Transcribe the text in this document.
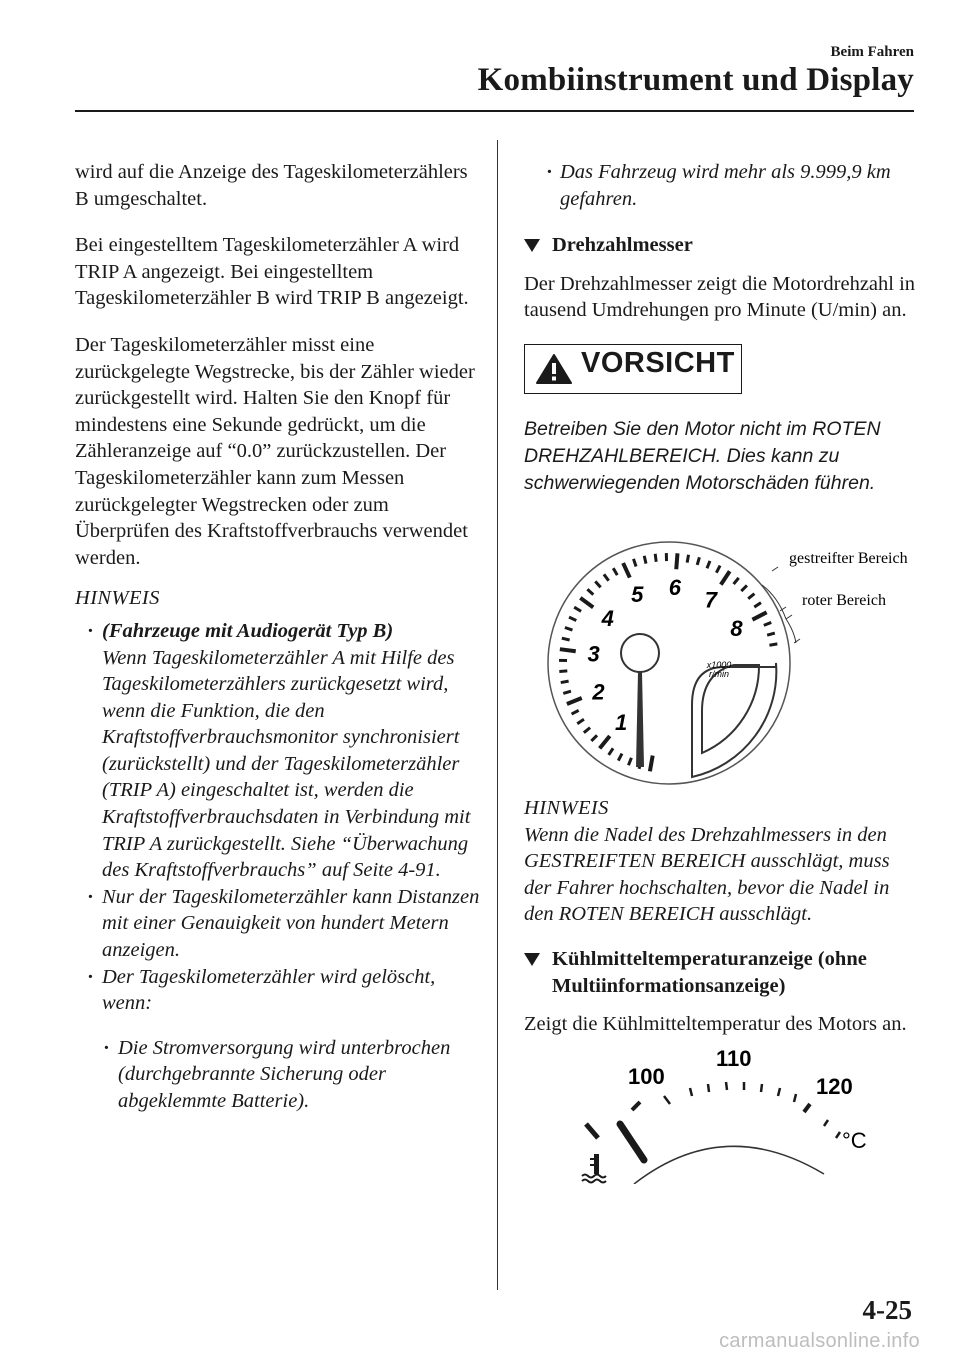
Beim Fahren
Kombiinstrument und Display

wird auf die Anzeige des Tageskilometerzählers B umgeschaltet.

Bei eingestelltem Tageskilometerzähler A wird TRIP A angezeigt. Bei eingestelltem Tageskilometerzähler B wird TRIP B angezeigt.

Der Tageskilometerzähler misst eine zurückgelegte Wegstrecke, bis der Zähler wieder zurückgestellt wird. Halten Sie den Knopf für mindestens eine Sekunde gedrückt, um die Zähleranzeige auf “0.0” zurückzustellen. Der Tageskilometerzähler kann zum Messen zurückgelegter Wegstrecken oder zum Überprüfen des Kraftstoffverbrauchs verwendet werden.

HINWEIS

· (Fahrzeuge mit Audiogerät Typ B)
Wenn Tageskilometerzähler A mit Hilfe des Tageskilometerzählers zurückgesetzt wird, wenn die Funktion, die den Kraftstoffverbrauchsmonitor synchronisiert (zurückstellt) und der Tageskilometerzähler (TRIP A) eingeschaltet ist, werden die Kraftstoffverbrauchsdaten in Verbindung mit TRIP A zurückgestellt. Siehe “Überwachung des Kraftstoffverbrauchs” auf Seite 4-91.
· Nur der Tageskilometerzähler kann Distanzen mit einer Genauigkeit von hundert Metern anzeigen.
· Der Tageskilometerzähler wird gelöscht, wenn:
· Die Stromversorgung wird unterbrochen (durchgebrannte Sicherung oder abgeklemmte Batterie).
· Das Fahrzeug wird mehr als 9.999,9 km gefahren.
Drehzahlmesser

Der Drehzahlmesser zeigt die Motordrehzahl in tausend Umdrehungen pro Minute (U/min) an.

VORSICHT

Betreiben Sie den Motor nicht im ROTEN DREHZAHLBEREICH. Dies kann zu schwerwiegenden Motorschäden führen.

1
2
3
4
5 6 7
8
x1000
r/min
gestreifter Bereich
roter Bereich

HINWEIS

Wenn die Nadel des Drehzahlmessers in den GESTREIFTEN BEREICH ausschlägt, muss der Fahrer hochschalten, bevor die Nadel in den ROTEN BEREICH ausschlägt.

Kühlmitteltemperaturanzeige (ohne Multiinformationsanzeige)

Zeigt die Kühlmitteltemperatur des Motors an.

100
110
120
°C
4-25
carmanualsonline.info
